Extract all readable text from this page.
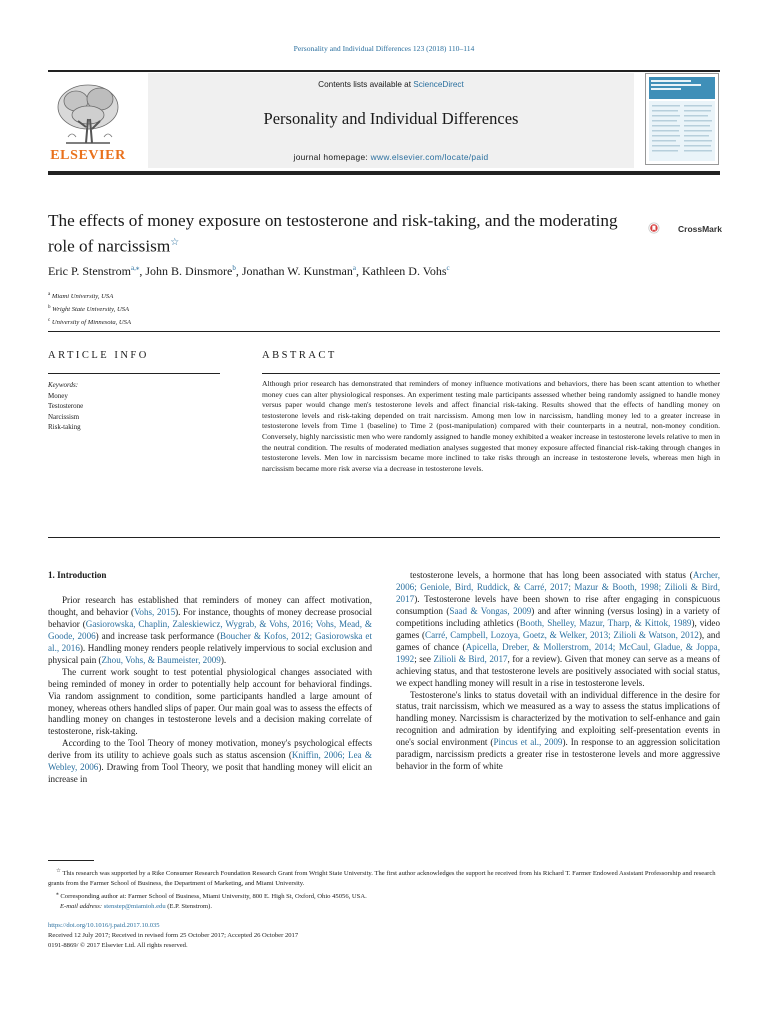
Personality and Individual Differences 123 (2018) 110–114
ELSEVIER
Contents lists available at ScienceDirect
Personality and Individual Differences
journal homepage: www.elsevier.com/locate/paid
The effects of money exposure on testosterone and risk-taking, and the moderating role of narcissism☆
CrossMark
Eric P. Stenstrom$^{a,⁎}$, John B. Dinsmore$^b$, Jonathan W. Kunstman$^a$, Kathleen D. Vohs$^c$
$^a$ Miami University, USA
$^b$ Wright State University, USA
$^c$ University of Minnesota, USA
ARTICLE INFO	ABSTRACT
Keywords:
Money
Testosterone
Narcissism
Risk-taking
Although prior research has demonstrated that reminders of money influence motivations and behaviors, there has been scant attention to whether money cues can alter physiological responses. An experiment testing male participants assessed whether being randomly assigned to handle money versus paper would change men's testosterone levels and affect financial risk-taking. Results showed that the effects of handling money on testosterone levels and risk-taking depended on trait narcissism. Among men low in narcissism, handling money led to a greater increase in testosterone levels from Time 1 (baseline) to Time 2 (post-manipulation) compared with their counterparts in a neutral, non-money condition. Conversely, highly narcissistic men who were randomly assigned to handle money exhibited a weaker increase in testosterone levels relative to men in the neutral condition. The results of moderated mediation analyses suggested that money exposure affected financial risk-taking through changes in testosterone levels. Men low in narcissism became more inclined to take risks through an increase in testosterone levels, whereas men high in narcissism became more risk averse via a decrease in testosterone levels.
1. Introduction

Prior research has established that reminders of money can affect motivation, thought, and behavior (Vohs, 2015). For instance, thoughts of money decrease prosocial behavior (Gasiorowska, Chaplin, Zaleskiewicz, Wygrab, & Vohs, 2016; Vohs, Mead, & Goode, 2006) and increase task performance (Boucher & Kofos, 2012; Gasiorowska et al., 2016). Handling money renders people relatively impervious to social exclusion and physical pain (Zhou, Vohs, & Baumeister, 2009).

The current work sought to test potential physiological changes associated with being reminded of money in order to potentially help account for behavioral findings. Via random assignment to condition, some participants handled a large amount of money, whereas others handled slips of paper. Our main goal was to assess the effects of handling money on changes in testosterone levels and a decision making correlate of testosterone, risk-taking.

According to the Tool Theory of money motivation, money's psychological effects derive from its utility to achieve goals such as status ascension (Kniffin, 2006; Lea & Webley, 2006). Drawing from Tool Theory, we posit that handling money will elicit an increase in

testosterone levels, a hormone that has long been associated with status (Archer, 2006; Geniole, Bird, Ruddick, & Carré, 2017; Mazur & Booth, 1998; Zilioli & Bird, 2017). Testosterone levels have been shown to rise after engaging in conspicuous consumption (Saad & Vongas, 2009) and after winning (versus losing) in a variety of competitions including athletics (Booth, Shelley, Mazur, Tharp, & Kittok, 1989), video games (Carré, Campbell, Lozoya, Goetz, & Welker, 2013; Zilioli & Watson, 2012), and games of chance (Apicella, Dreber, & Mollerstrom, 2014; McCaul, Gladue, & Joppa, 1992; see Zilioli & Bird, 2017, for a review). Given that money can serve as a means of achieving status, and that testosterone levels are positively associated with social status, we expect handling money will result in a rise in testosterone levels.

Testosterone's links to status dovetail with an individual difference in the desire for status, trait narcissism, which we measured as a way to assess the status implications of handling money. Narcissism is characterized by the motivation to self-enhance and gain recognition and admiration by identifying and exploiting self-presentation events in one's social environment (Pincus et al., 2009). In response to an aggression solicitation paradigm, narcissism predicts a greater rise in testosterone levels and more aggressive behavior in the form of white

☆ This research was supported by a Rike Consumer Research Foundation Research Grant from Wright State University. The first author acknowledges the support he received from his Richard T. Farmer Endowed Assistant Professorship and research grants from the Farmer School of Business, the Department of Marketing, and Miami University.
⁎ Corresponding author at: Farmer School of Business, Miami University, 800 E. High St, Oxford, Ohio 45056, USA.
E-mail address: stenstep@miamioh.edu (E.P. Stenstrom).
https://doi.org/10.1016/j.paid.2017.10.035
Received 12 July 2017; Received in revised form 25 October 2017; Accepted 26 October 2017
0191-8869/ © 2017 Elsevier Ltd. All rights reserved.
